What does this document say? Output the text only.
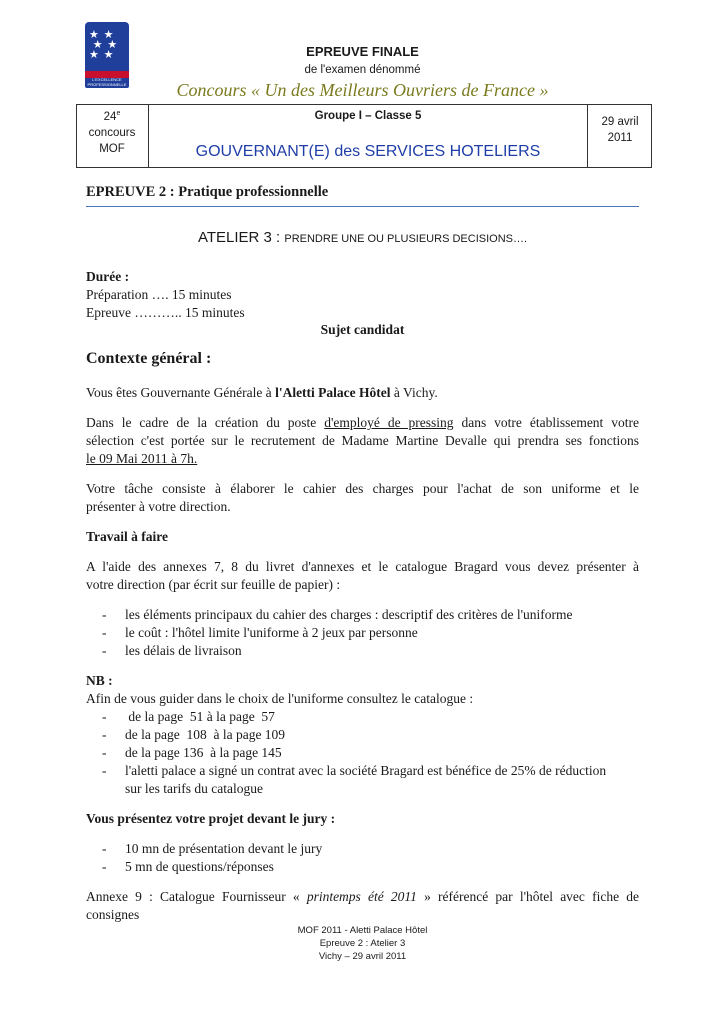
★ ★
★ ★
★ ★
L'EXCELLENCE PROFESSIONNELLE
EPREUVE FINALE
de l'examen dénommé
Concours « Un des Meilleurs Ouvriers de France »
24e
concours
MOF
Groupe I – Classe 5
GOUVERNANT(E) des SERVICES HOTELIERS
29 avril
2011
EPREUVE 2 : Pratique professionnelle
ATELIER 3 : PRENDRE UNE OU PLUSIEURS DECISIONS….
Durée :
Préparation …. 15 minutes
Epreuve ……….. 15 minutes
Sujet candidat
Contexte général :
Vous êtes Gouvernante Générale à l'Aletti Palace Hôtel à Vichy.
Dans le cadre de la création du poste d'employé de pressing dans votre établissement votre
sélection c'est portée sur le recrutement de Madame Martine Devalle qui prendra ses fonctions
le 09 Mai 2011 à 7h.
Votre tâche consiste à élaborer le cahier des charges pour l'achat de son uniforme et le
présenter à votre direction.
Travail à faire
A l'aide des annexes 7, 8 du livret d'annexes et le catalogue Bragard vous devez présenter à
votre direction (par écrit sur feuille de papier) :
- les éléments principaux du cahier des charges : descriptif des critères de l'uniforme
- le coût : l'hôtel limite l'uniforme à 2 jeux par personne
- les délais de livraison
NB :
Afin de vous guider dans le choix de l'uniforme consultez le catalogue :
- de la page  51 à la page  57
- de la page  108  à la page 109
- de la page 136  à la page 145
- l'aletti palace a signé un contrat avec la société Bragard est bénéfice de 25% de réduction
sur les tarifs du catalogue
Vous présentez votre projet devant le jury :
- 10 mn de présentation devant le jury
- 5 mn de questions/réponses
Annexe 9 : Catalogue Fournisseur « printemps été 2011 » référencé par l'hôtel avec fiche de
consignes
MOF 2011 - Aletti Palace Hôtel
Epreuve 2 : Atelier 3
Vichy – 29 avril 2011
